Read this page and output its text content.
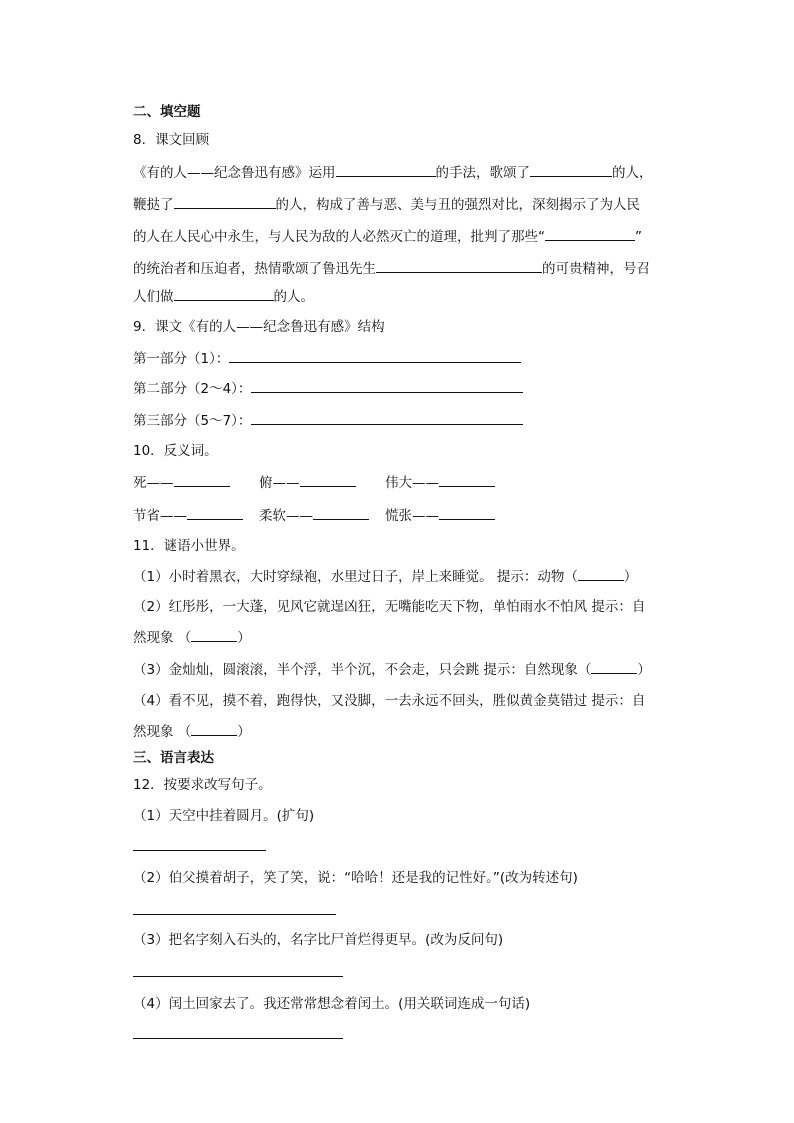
二、填空题
8．课文回顾
《有的人——纪念鲁迅有感》运用	的手法，歌颂了	的人，
鞭挞了	的人，构成了善与恶、美与丑的强烈对比，深刻揭示了为人民
的人在人民心中永生，与人民为敌的人必然灭亡的道理，批判了那些“	”
的统治者和压迫者，热情歌颂了鲁迅先生	的可贵精神，号召
人们做	的人。
9．课文《有的人——纪念鲁迅有感》结构
第一部分（1）：
第二部分（2～4）：
第三部分（5～7）：
10．反义词。
死——	俯——	伟大——
节省——	柔软——	慌张——
11．谜语小世界。
（1）小时着黑衣，大时穿绿袍，水里过日子，岸上来睡觉。 提示：动物（	）
（2）红彤彤，一大蓬，见风它就逞凶狂，无嘴能吃天下物，单怕雨水不怕风 提示：自
然现象 （	）
（3）金灿灿，圆滚滚，半个浮，半个沉，不会走，只会跳 提示：自然现象（	）
（4）看不见，摸不着，跑得快，又没脚，一去永远不回头，胜似黄金莫错过 提示：自
然现象 （	）
三、语言表达
12．按要求改写句子。
（1）天空中挂着圆月。(扩句)
（2）伯父摸着胡子，笑了笑，说：“哈哈！还是我的记性好。”(改为转述句)
（3）把名字刻入石头的，名字比尸首烂得更早。(改为反问句)
（4）闰土回家去了。我还常常想念着闰土。(用关联词连成一句话)
